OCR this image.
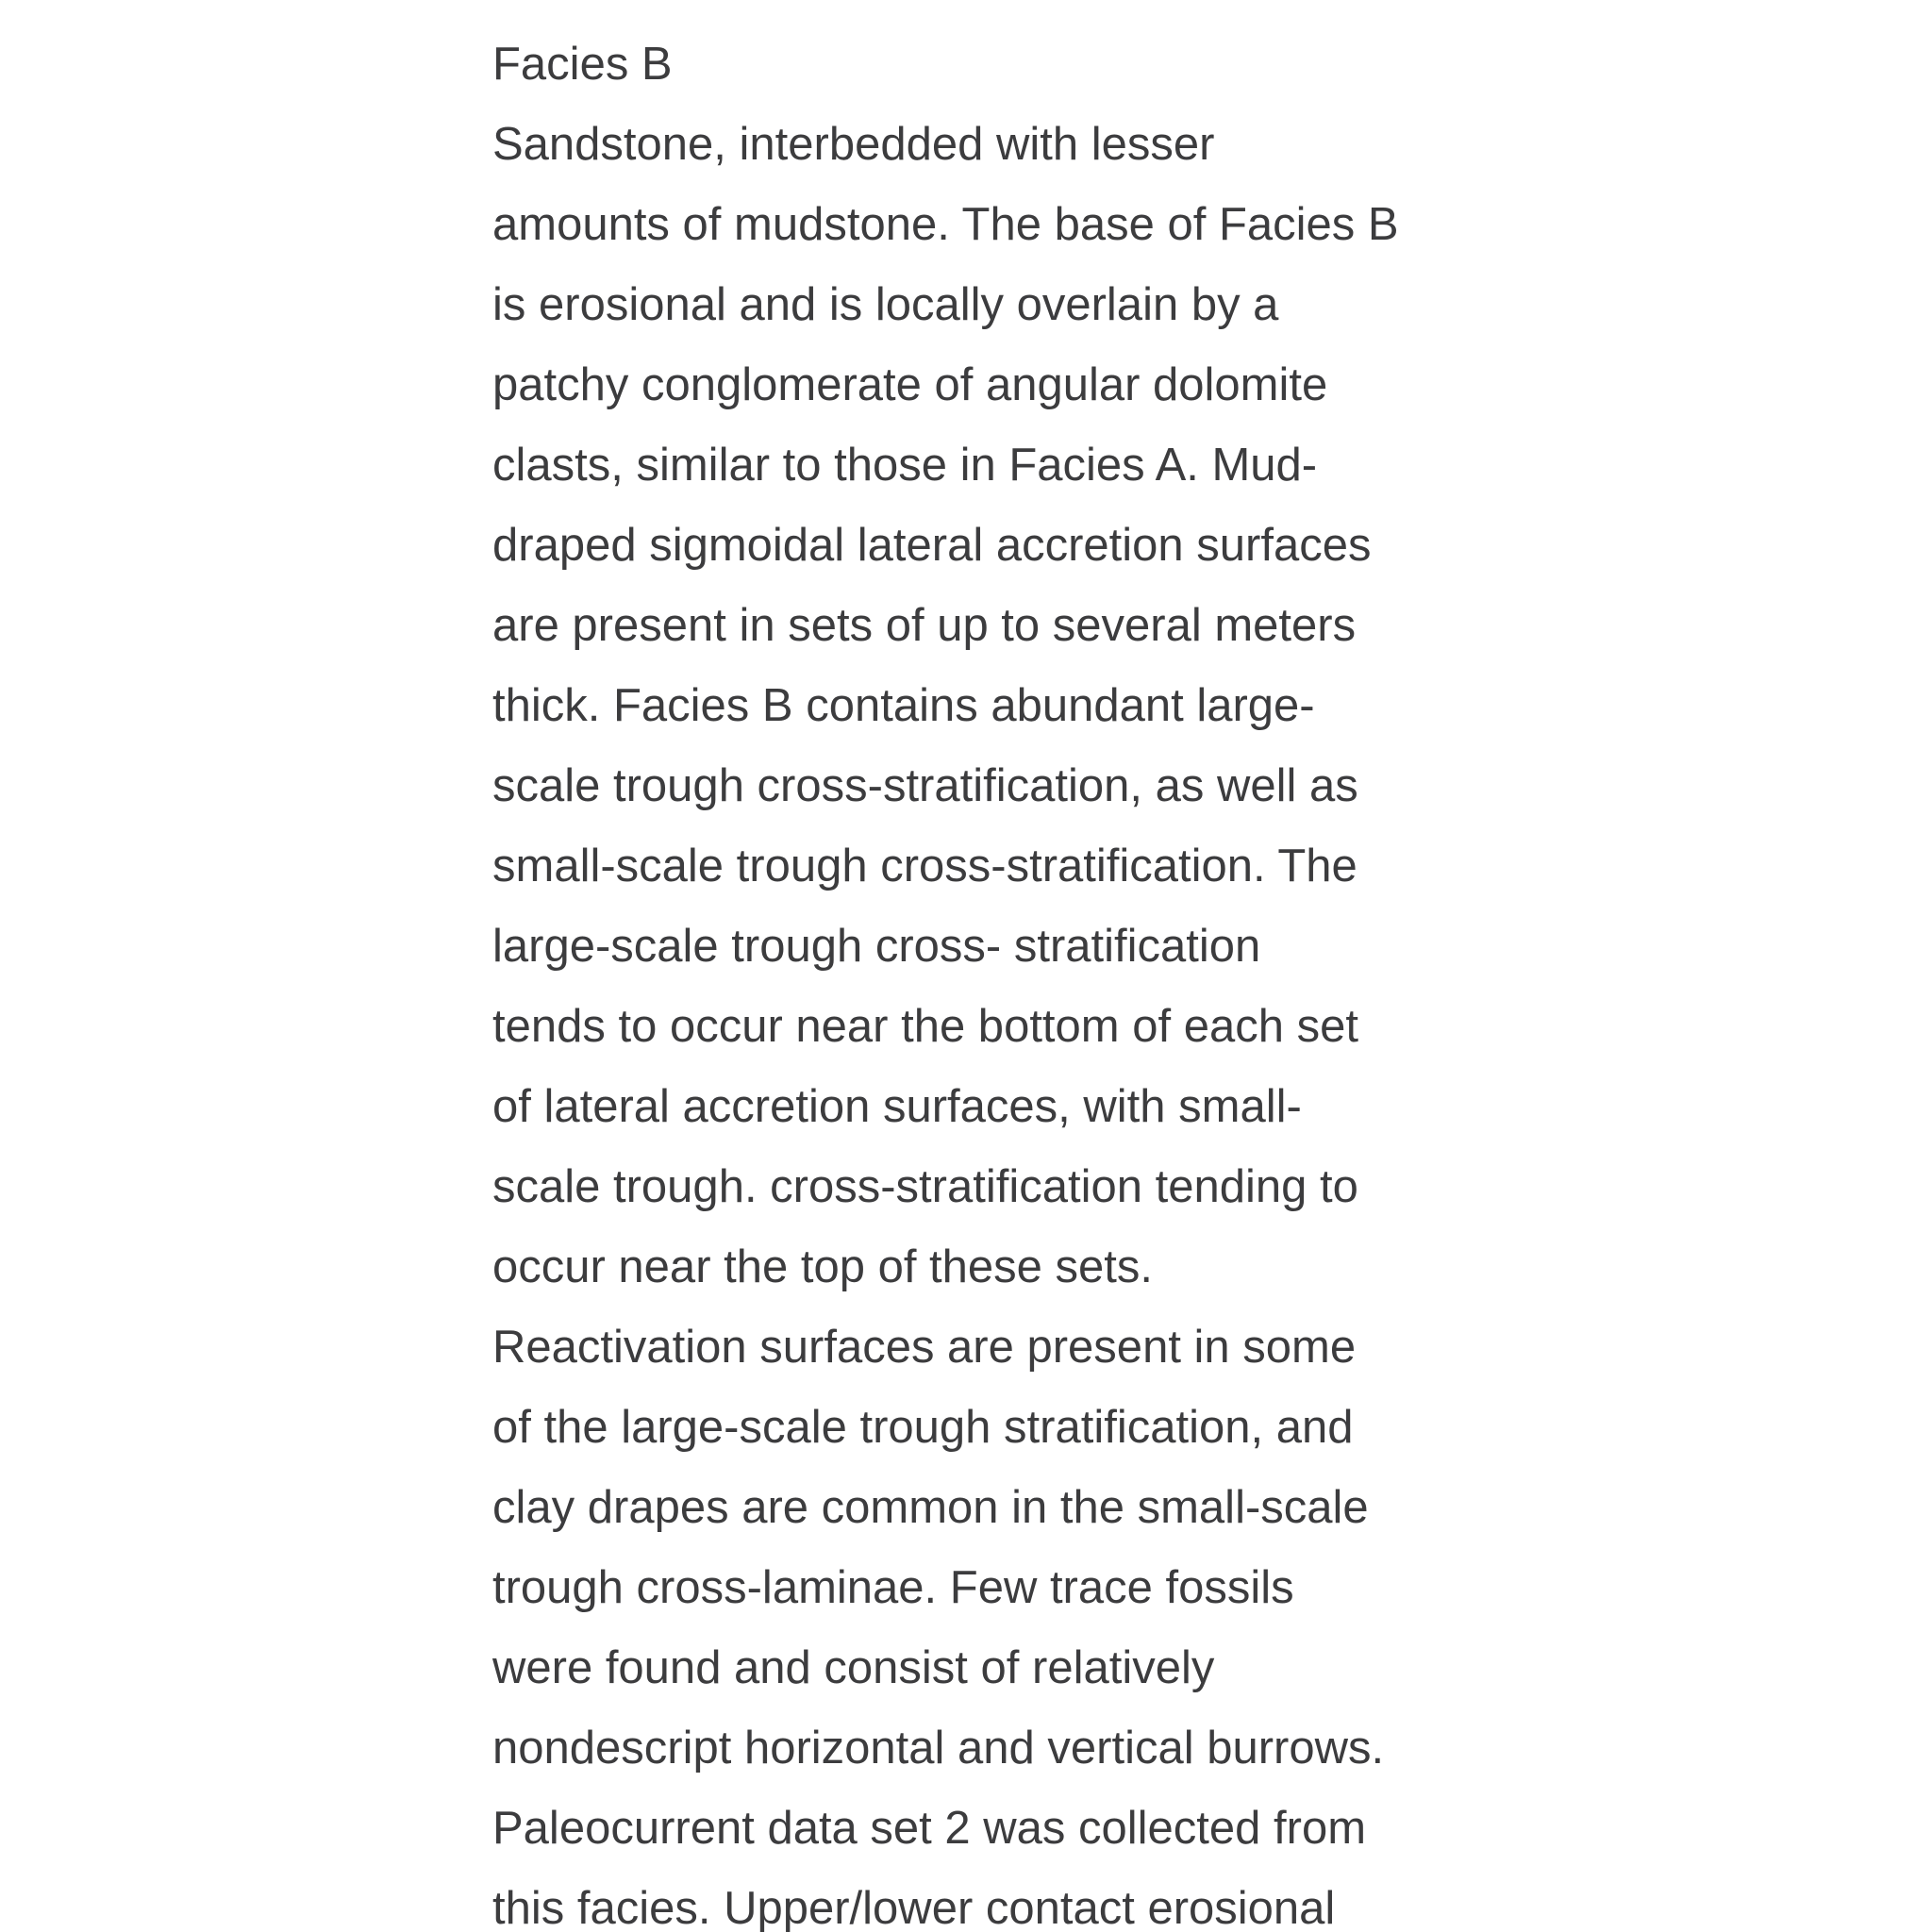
Facies B
Sandstone, interbedded with lesser
amounts of mudstone. The base of Facies B
is erosional and is locally overlain by a
patchy conglomerate of angular dolomite
clasts, similar to those in Facies A. Mud-
draped sigmoidal lateral accretion surfaces
are present in sets of up to several meters
thick. Facies B contains abundant large-
scale trough cross-stratification, as well as
small-scale trough cross-stratification. The
large-scale trough cross- stratification
tends to occur near the bottom of each set
of lateral accretion surfaces, with small-
scale trough. cross-stratification tending to
occur near the top of these sets.
Reactivation surfaces are present in some
of the large-scale trough stratification, and
clay drapes are common in the small-scale
trough cross-laminae. Few trace fossils
were found and consist of relatively
nondescript horizontal and vertical burrows.
Paleocurrent data set 2 was collected from
this facies. Upper/lower contact erosional
